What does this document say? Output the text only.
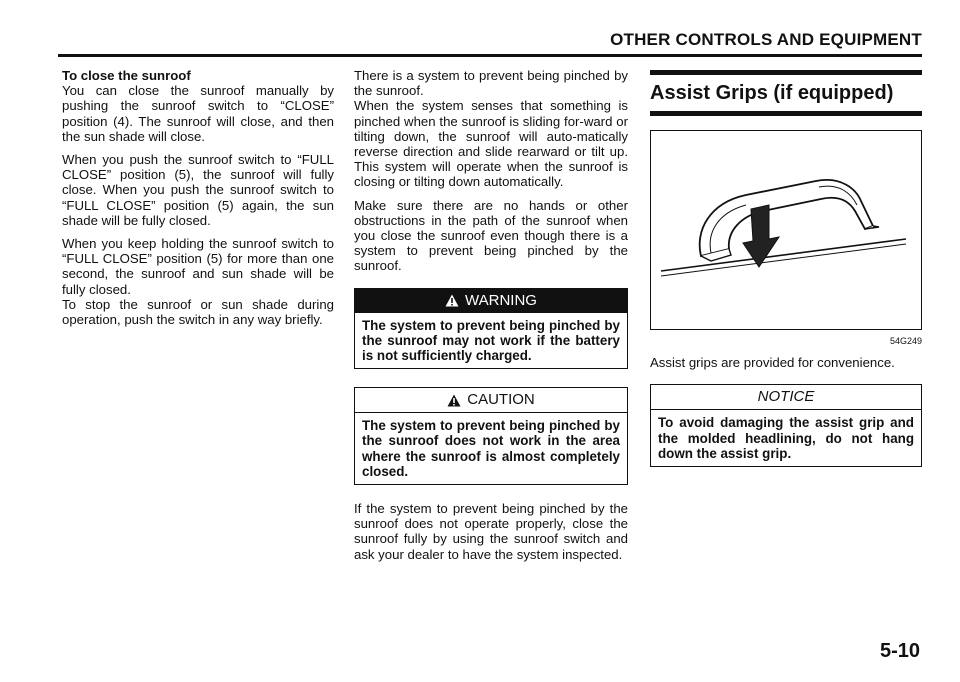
OTHER CONTROLS AND EQUIPMENT

To close the sunroof
You can close the sunroof manually by pushing the sunroof switch to “CLOSE” position (4). The sunroof will close, and then the sun shade will close.

When you push the sunroof switch to “FULL CLOSE” position (5), the sunroof will fully close. When you push the sunroof switch to “FULL CLOSE” position (5) again, the sun shade will be fully closed.

When you keep holding the sunroof switch to “FULL CLOSE” position (5) for more than one second, the sunroof and sun shade will be fully closed.

To stop the sunroof or sun shade during operation, push the switch in any way briefly.

There is a system to prevent being pinched by the sunroof.

When the system senses that something is pinched when the sunroof is sliding for-ward or tilting down, the sunroof will auto-matically reverse direction and slide rearward or tilt up. This system will operate when the sunroof is closing or tilting down automatically.

Make sure there are no hands or other obstructions in the path of the sunroof when you close the sunroof even though there is a system to prevent being pinched by the sunroof.

WARNING
The system to prevent being pinched by the sunroof may not work if the battery is not sufficiently charged.
CAUTION
The system to prevent being pinched by the sunroof does not work in the area where the sunroof is almost completely closed.

If the system to prevent being pinched by the sunroof does not operate properly, close the sunroof fully by using the sunroof switch and ask your dealer to have the system inspected.

Assist Grips (if equipped)
54G249
Assist grips are provided for convenience.
NOTICE
To avoid damaging the assist grip and the molded headlining, do not hang down the assist grip.
5-10
